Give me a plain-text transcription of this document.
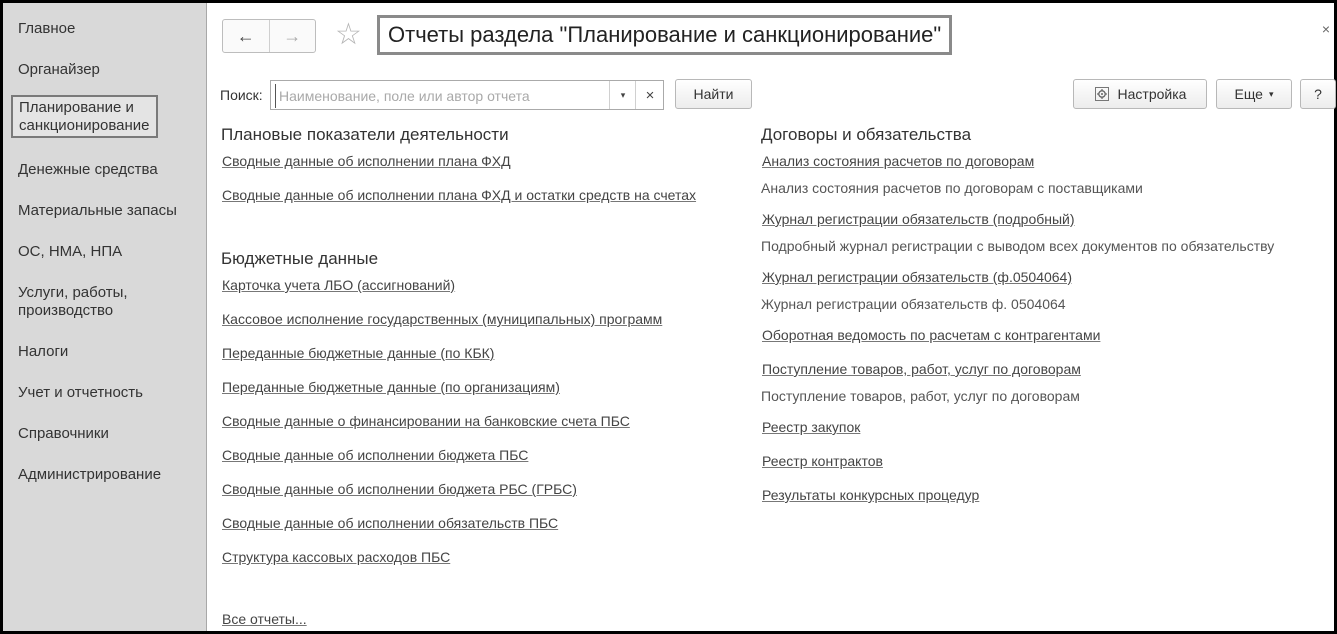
Главное
Органайзер
Планирование и
санкционирование
Денежные средства
Материальные запасы
ОС, НМА, НПА
Услуги, работы,
производство
Налоги
Учет и отчетность
Справочники
Администрирование
←	→	☆	Отчеты раздела "Планирование и санкционирование"	×
Поиск:
Наименование, поле или автор отчета	▾	×	Найти	Настройка	Еще ▾	?
Плановые показатели деятельности
Сводные данные об исполнении плана ФХД
Сводные данные об исполнении плана ФХД и остатки средств на счетах
Бюджетные данные
Карточка учета ЛБО (ассигнований)
Кассовое исполнение государственных (муниципальных) программ
Переданные бюджетные данные (по КБК)
Переданные бюджетные данные (по организациям)
Сводные данные о финансировании на банковские счета ПБС
Сводные данные об исполнении бюджета ПБС
Сводные данные об исполнении бюджета РБС (ГРБС)
Сводные данные об исполнении обязательств ПБС
Структура кассовых расходов ПБС
Все отчеты...
Договоры и обязательства
Анализ состояния расчетов по договорам
Анализ состояния расчетов по договорам с поставщиками
Журнал регистрации обязательств (подробный)
Подробный журнал регистрации с выводом всех документов по обязательству
Журнал регистрации обязательств (ф.0504064)
Журнал регистрации обязательств ф. 0504064
Оборотная ведомость по расчетам с контрагентами
Поступление товаров, работ, услуг по договорам
Поступление товаров, работ, услуг по договорам
Реестр закупок
Реестр контрактов
Результаты конкурсных процедур
